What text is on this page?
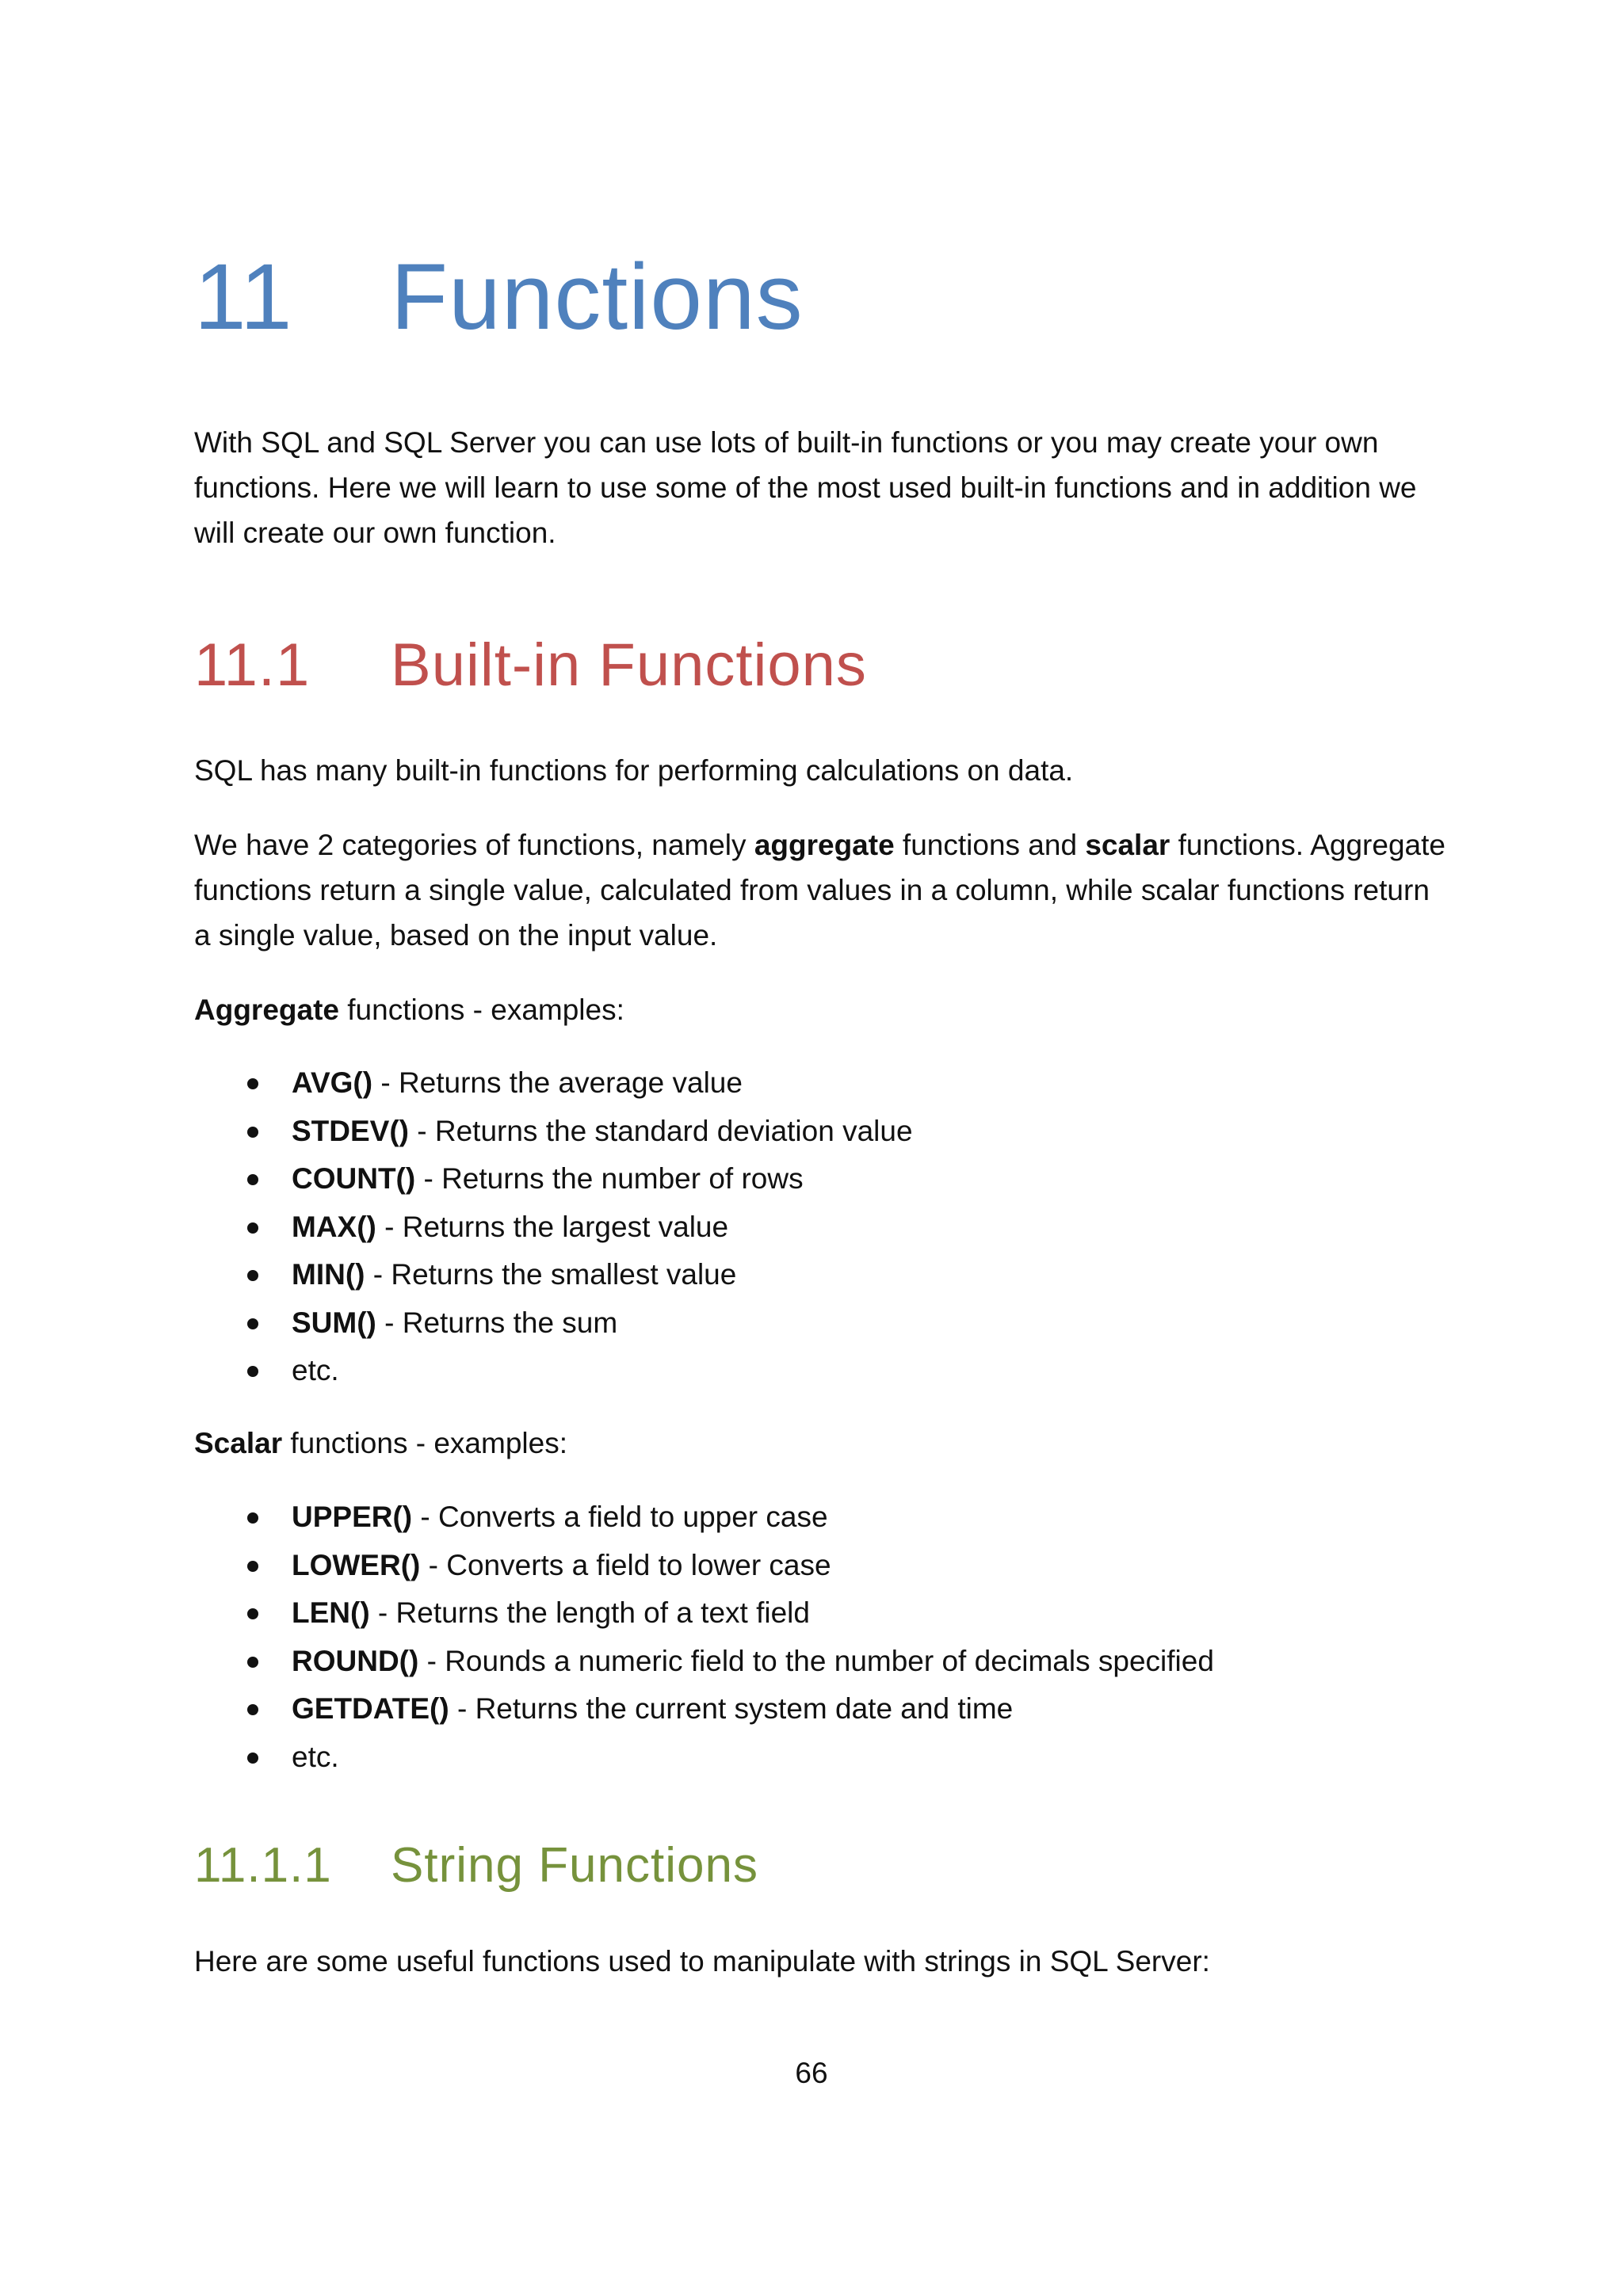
11 Functions

With SQL and SQL Server you can use lots of built-in functions or you may create your own functions. Here we will learn to use some of the most used built-in functions and in addition we will create our own function.

11.1 Built-in Functions

SQL has many built-in functions for performing calculations on data.

We have 2 categories of functions, namely aggregate functions and scalar functions. Aggregate functions return a single value, calculated from values in a column, while scalar functions return a single value, based on the input value.

Aggregate functions - examples:

AVG() - Returns the average value
STDEV() - Returns the standard deviation value
COUNT() - Returns the number of rows
MAX() - Returns the largest value
MIN() - Returns the smallest value
SUM() - Returns the sum
etc.

Scalar functions - examples:

UPPER() - Converts a field to upper case
LOWER() - Converts a field to lower case
LEN() - Returns the length of a text field
ROUND() - Rounds a numeric field to the number of decimals specified
GETDATE() - Returns the current system date and time
etc.
11.1.1 String Functions

Here are some useful functions used to manipulate with strings in SQL Server:

66
